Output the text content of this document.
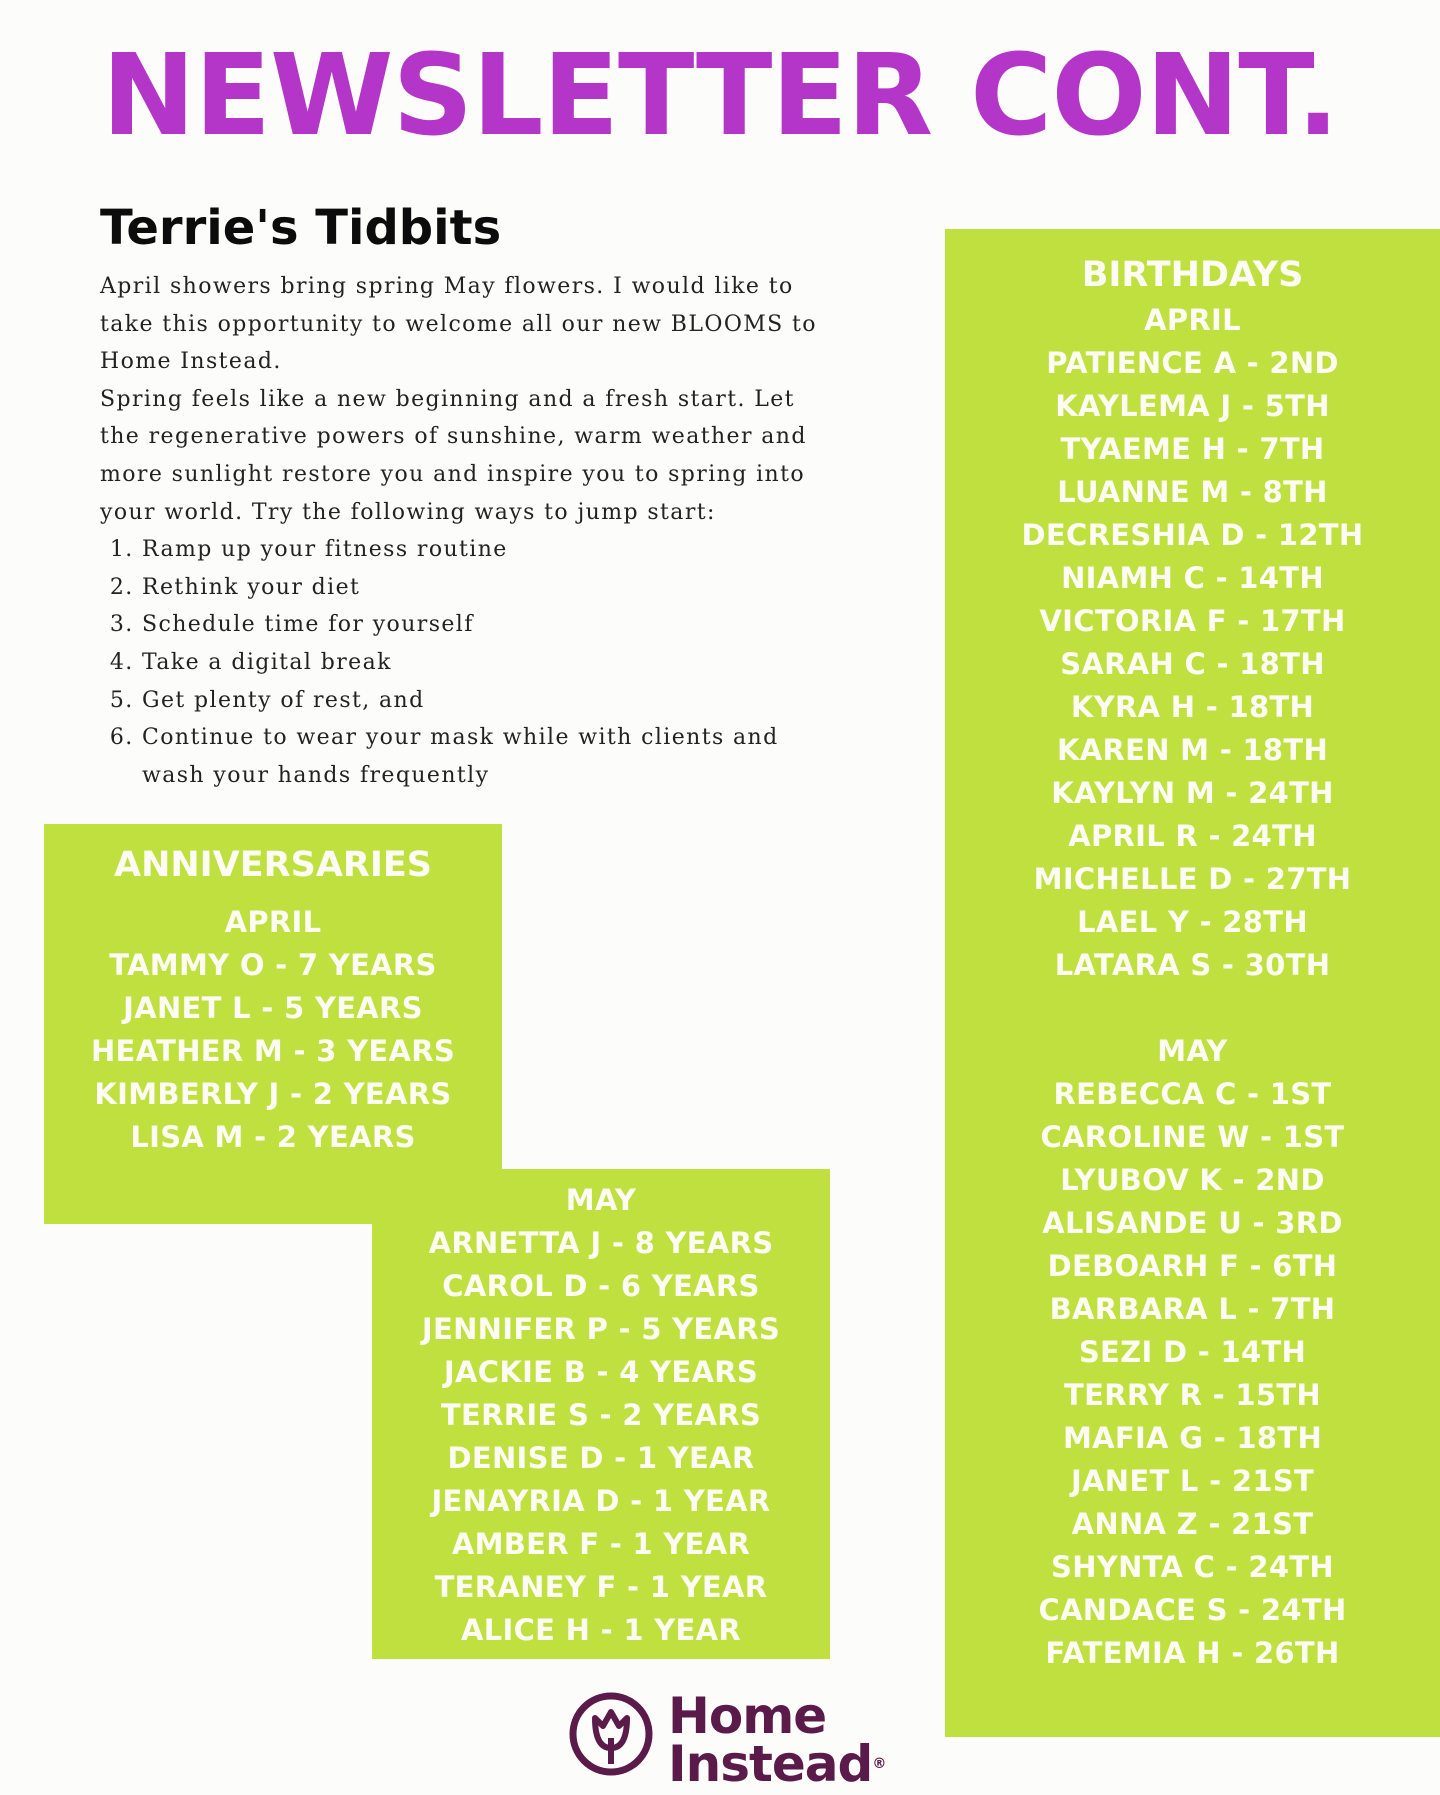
NEWSLETTER CONT.
Terrie's Tidbits

April showers bring spring May flowers. I would like to take this opportunity to welcome all our new BLOOMS to Home Instead.

Spring feels like a new beginning and a fresh start. Let the regenerative powers of sunshine, warm weather and more sunlight restore you and inspire you to spring into your world. Try the following ways to jump start:

1. Ramp up your fitness routine
2. Rethink your diet
3. Schedule time for yourself
4. Take a digital break
5. Get plenty of rest, and
6. Continue to wear your mask while with clients and wash your hands frequently
ANNIVERSARIES
APRIL
TAMMY O - 7 YEARS
JANET L - 5 YEARS
HEATHER M - 3 YEARS
KIMBERLY J - 2 YEARS
LISA M - 2 YEARS
MAY
ARNETTA J - 8 YEARS
CAROL D - 6 YEARS
JENNIFER P - 5 YEARS
JACKIE B - 4 YEARS
TERRIE S - 2 YEARS
DENISE D - 1 YEAR
JENAYRIA D - 1 YEAR
AMBER F - 1 YEAR
TERANEY F - 1 YEAR
ALICE H - 1 YEAR
BIRTHDAYS
APRIL
PATIENCE A - 2ND
KAYLEMA J - 5TH
TYAEME H - 7TH
LUANNE M - 8TH
DECRESHIA D - 12TH
NIAMH C - 14TH
VICTORIA F - 17TH
SARAH C - 18TH
KYRA H - 18TH
KAREN M - 18TH
KAYLYN M - 24TH
APRIL R - 24TH
MICHELLE D - 27TH
LAEL Y - 28TH
LATARA S - 30TH
MAY
REBECCA C - 1ST
CAROLINE W - 1ST
LYUBOV K - 2ND
ALISANDE U - 3RD
DEBOARH F - 6TH
BARBARA L - 7TH
SEZI D - 14TH
TERRY R - 15TH
MAFIA G - 18TH
JANET L - 21ST
ANNA Z - 21ST
SHYNTA C - 24TH
CANDACE S - 24TH
FATEMIA H - 26TH
Home
Instead®
